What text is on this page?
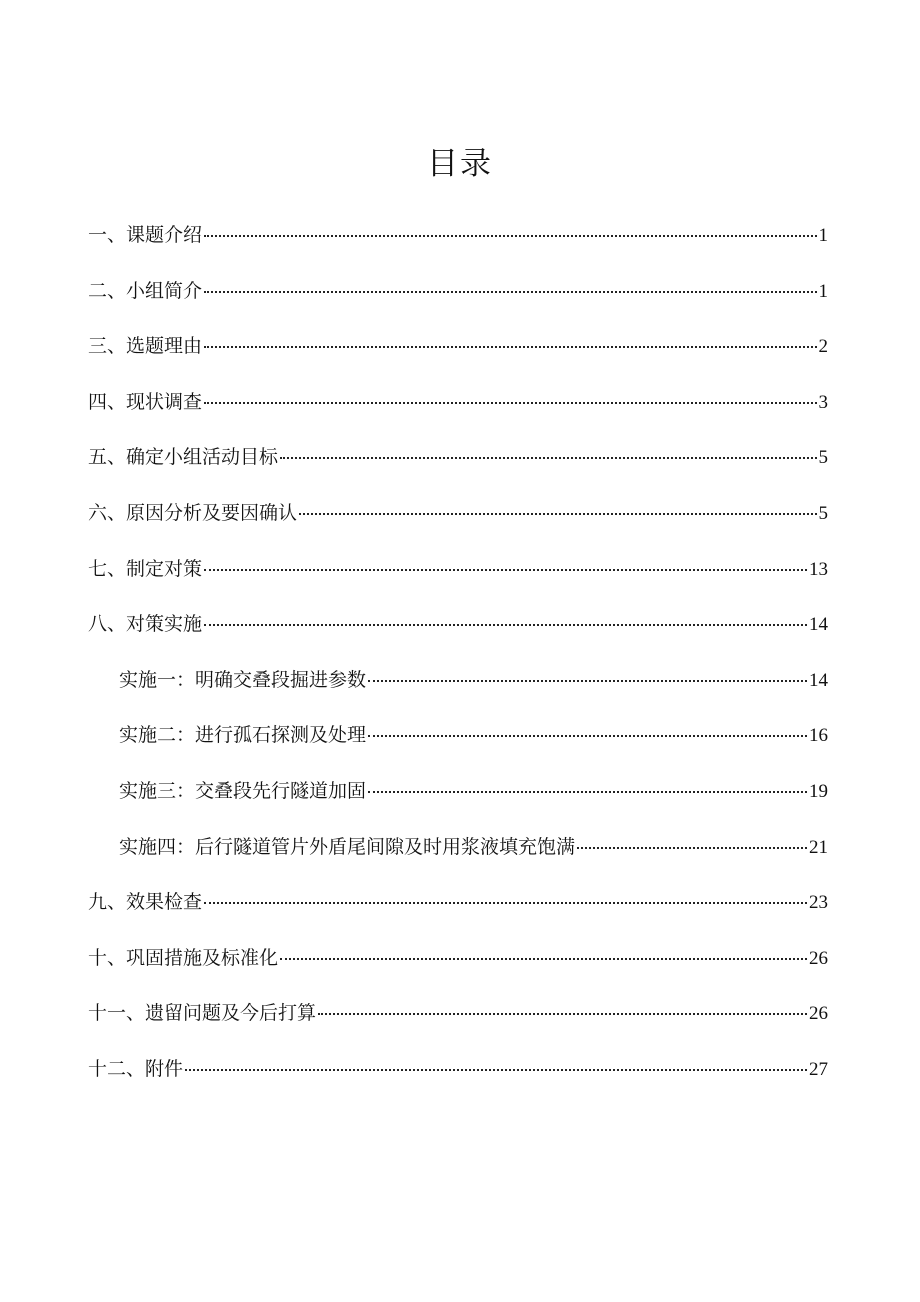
目录
一、课题介绍	1
二、小组简介	1
三、选题理由	2
四、现状调查	3
五、确定小组活动目标	5
六、原因分析及要因确认	5
七、制定对策	13
八、对策实施	14
实施一：明确交叠段掘进参数	14
实施二：进行孤石探测及处理	16
实施三：交叠段先行隧道加固	19
实施四：后行隧道管片外盾尾间隙及时用浆液填充饱满	21
九、效果检查	23
十、巩固措施及标准化	26
十一、遗留问题及今后打算	26
十二、附件	27
